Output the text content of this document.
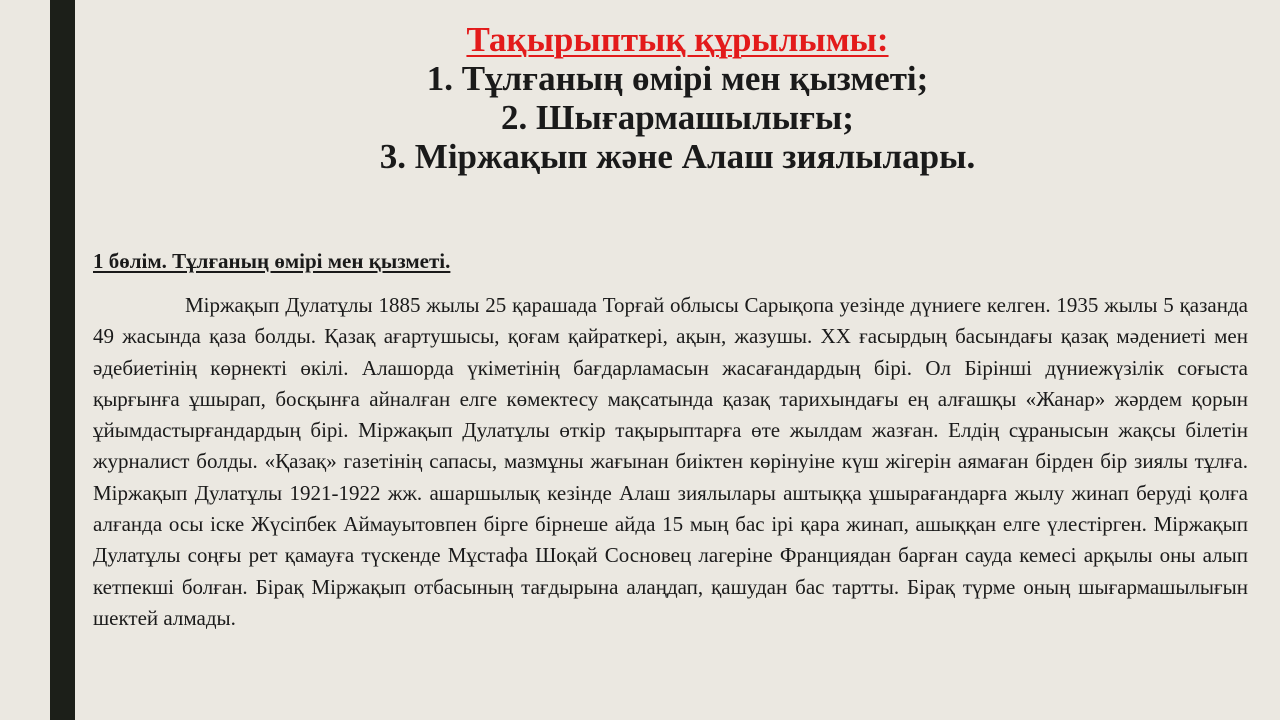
Тақырыптық құрылымы:
1. Тұлғаның өмірі мен қызметі;
2. Шығармашылығы;
3. Міржақып және Алаш зиялылары.
1 бөлім. Тұлғаның өмірі мен қызметі.

Міржақып Дулатұлы 1885 жылы 25 қарашада Торғай облысы Сарықопа уезінде дүниеге келген. 1935 жылы 5 қазанда 49 жасында қаза болды. Қазақ ағартушысы, қоғам қайраткері, ақын, жазушы. XX ғасырдың басындағы қазақ мәдениеті мен әдебиетінің көрнекті өкілі. Алашорда үкіметінің бағдарламасын жасағандардың бірі. Ол Бірінші дүниежүзілік соғыста қырғынға ұшырап, босқынға айналған елге көмектесу мақсатында қазақ тарихындағы ең алғашқы «Жанар» жәрдем қорын ұйымдастырғандардың бірі. Міржақып Дулатұлы өткір тақырыптарға өте жылдам жазған. Елдің сұранысын жақсы білетін журналист болды. «Қазақ» газетінің сапасы, мазмұны жағынан биіктен көрінуіне күш жігерін аямаған бірден бір зиялы тұлға. Міржақып Дулатұлы 1921-1922 жж. ашаршылық кезінде Алаш зиялылары аштыққа ұшырағандарға жылу жинап беруді қолға алғанда осы іске Жүсіпбек Аймауытовпен бірге бірнеше айда 15 мың бас ірі қара жинап, ашыққан елге үлестірген. Міржақып Дулатұлы соңғы рет қамауға түскенде Мұстафа Шоқай Сосновец лагеріне Франциядан барған сауда кемесі арқылы оны алып кетпекші болған. Бірақ Міржақып отбасының тағдырына алаңдап, қашудан бас тартты. Бірақ түрме оның шығармашылығын шектей алмады.
